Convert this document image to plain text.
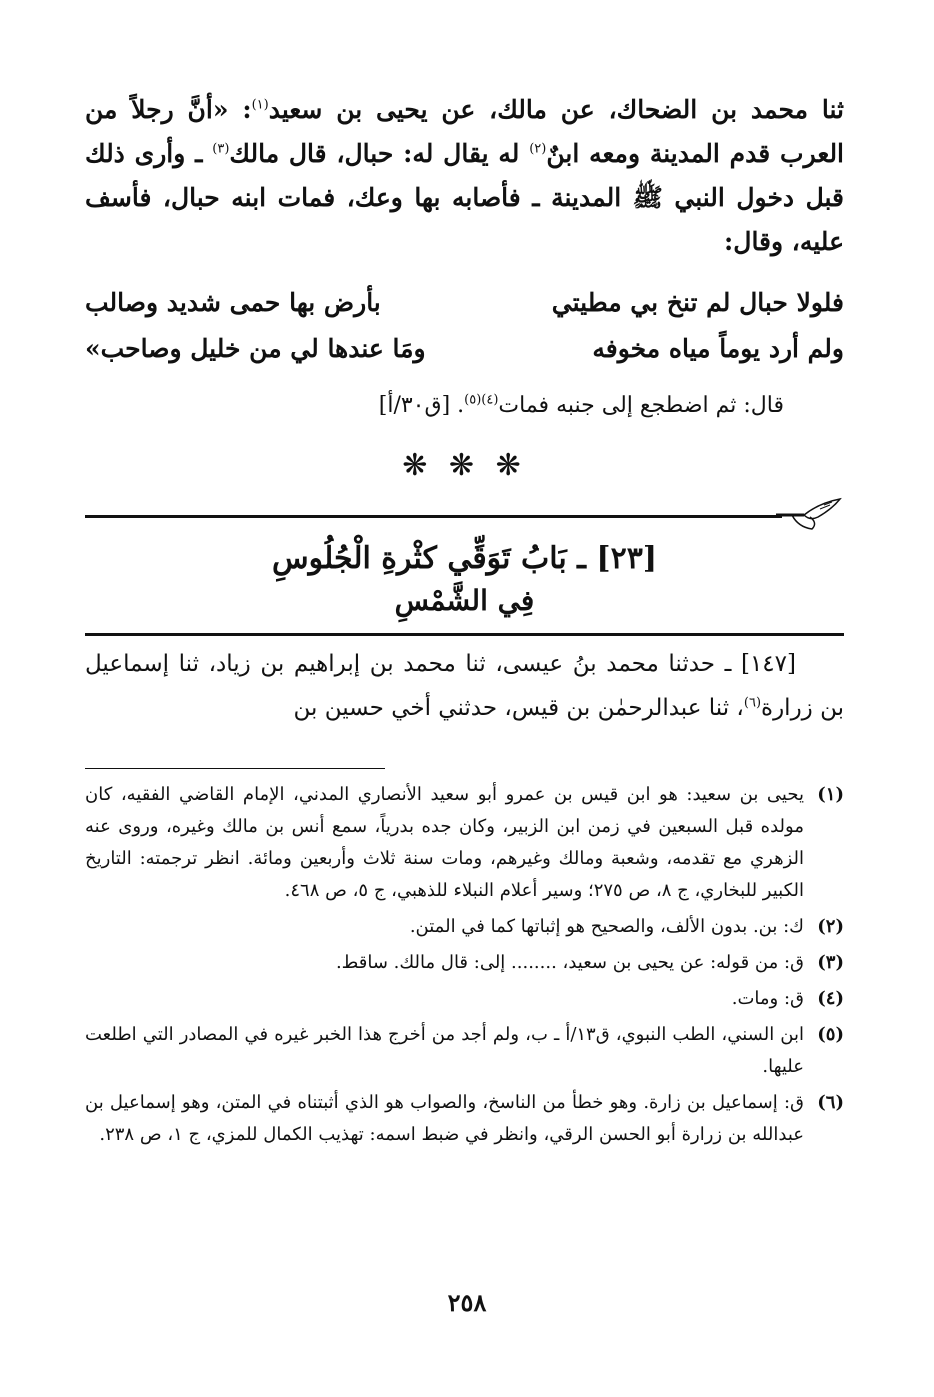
ثنا محمد بن الضحاك، عن مالك، عن يحيى بن سعيد$^{(١)}$: «أنَّ رجلاً من العرب قدم المدينة ومعه ابنٌ$^{(٢)}$ له يقال له: حبال، قال مالك$^{(٣)}$ ـ وأرى ذلك قبل دخول النبي ﷺ المدينة ـ فأصابه بها وعك، فمات ابنه حبال، فأسف عليه، وقال:

فلولا حبال لم تنخ بي مطيتي
بأرض بها حمى شديد وصالب
ولم أرد يوماً مياه مخوفه
ومَا عندها لي من خليل وصاحب»
قال: ثم اضطجع إلى جنبه فمات$^{(٤)(٥)}$. [ق٣٠/أ]
❋ ❋ ❋
[٢٣] ـ بَابُ تَوَقِّي كثْرةِ الْجُلُوسِ
فِي الشَّمْسِ

[١٤٧] ـ حدثنا محمد بنُ عيسى، ثنا محمد بن إبراهيم بن زياد، ثنا إسماعيل بن زرارة$^{(٦)}$، ثنا عبدالرحمٰن بن قيس، حدثني أخي حسين بن

(١)
يحيى بن سعيد: هو ابن قيس بن عمرو أبو سعيد الأنصاري المدني، الإمام القاضي الفقيه، كان مولده قبل السبعين في زمن ابن الزبير، وكان جده بدرياً، سمع أنس بن مالك وغيره، وروى عنه الزهري مع تقدمه، وشعبة ومالك وغيرهم، ومات سنة ثلاث وأربعين ومائة. انظر ترجمته: التاريخ الكبير للبخاري، ج ٨، ص ٢٧٥؛ وسير أعلام النبلاء للذهبي، ج ٥، ص ٤٦٨.
(٢)
ك: بن. بدون الألف، والصحيح هو إثباتها كما في المتن.
(٣)
ق: من قوله: عن يحيى بن سعيد، ........ إلى: قال مالك. ساقط.
(٤)
ق: ومات.
(٥)
ابن السني، الطب النبوي، ق١٣/أ ـ ب، ولم أجد من أخرج هذا الخبر غيره في المصادر التي اطلعت عليها.
(٦)
ق: إسماعيل بن زارة. وهو خطأ من الناسخ، والصواب هو الذي أثبتناه في المتن، وهو إسماعيل بن عبدالله بن زرارة أبو الحسن الرقي، وانظر في ضبط اسمه: تهذيب الكمال للمزي، ج ١، ص ٢٣٨.
٢٥٨
